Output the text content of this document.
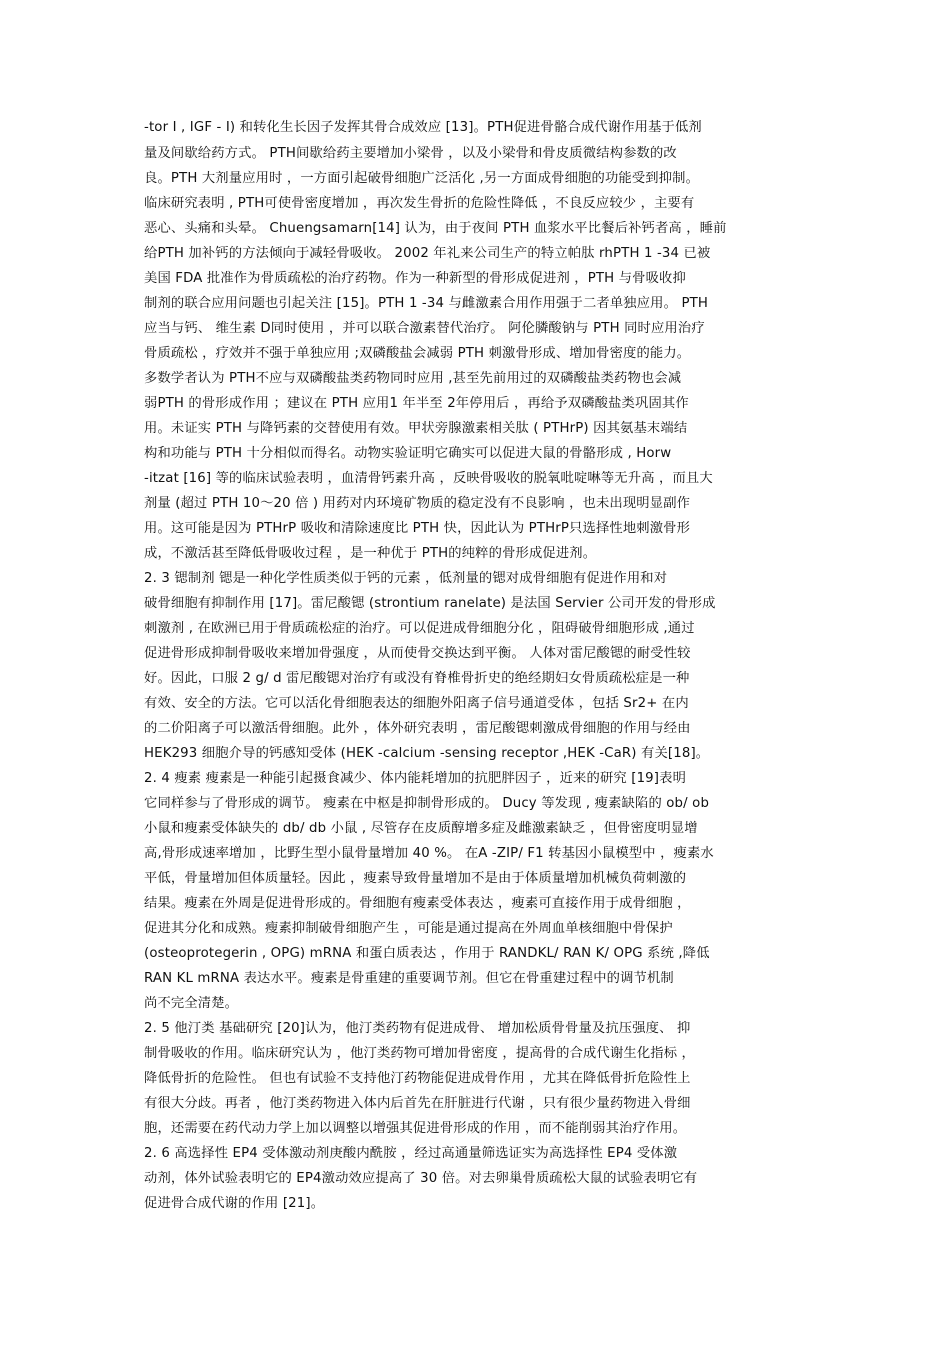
-tor I , IGF - I) 和转化生长因子发挥其骨合成效应 [13]。PTH促进骨骼合成代谢作用基于低剂
量及间歇给药方式。 PTH间歇给药主要增加小梁骨 ，以及小梁骨和骨皮质微结构参数的改
良。PTH 大剂量应用时 ，一方面引起破骨细胞广泛活化 ,另一方面成骨细胞的功能受到抑制。
临床研究表明 , PTH可使骨密度增加 ，再次发生骨折的危险性降低 ，不良反应较少 ，主要有
恶心、头痛和头晕。 Chuengsamarn[14] 认为，由于夜间 PTH 血浆水平比餐后补钙者高 ，睡前
给PTH 加补钙的方法倾向于减轻骨吸收。 2002 年礼来公司生产的特立帕肽 rhPTH 1 -34 已被
美国 FDA 批准作为骨质疏松的治疗药物。作为一种新型的骨形成促进剂 ，PTH 与骨吸收抑
制剂的联合应用问题也引起关注 [15]。PTH 1 -34 与雌激素合用作用强于二者单独应用。 PTH
应当与钙、 维生素 D同时使用 ，并可以联合激素替代治疗。 阿伦膦酸钠与 PTH 同时应用治疗
骨质疏松 ，疗效并不强于单独应用 ;双磷酸盐会减弱 PTH 刺激骨形成、增加骨密度的能力。
多数学者认为 PTH不应与双磷酸盐类药物同时应用 ,甚至先前用过的双磷酸盐类药物也会减
弱PTH 的骨形成作用 ；建议在 PTH 应用1 年半至 2年停用后 ，再给予双磷酸盐类巩固其作
用。未证实 PTH 与降钙素的交替使用有效。甲状旁腺激素相关肽 ( PTHrP) 因其氨基末端结
构和功能与 PTH 十分相似而得名。动物实验证明它确实可以促进大鼠的骨骼形成 , Horw
-itzat [16] 等的临床试验表明 ，血清骨钙素升高 ，反映骨吸收的脱氧吡啶啉等无升高 ，而且大
剂量 (超过 PTH 10～20 倍 ) 用药对内环境矿物质的稳定没有不良影响 ，也未出现明显副作
用。这可能是因为 PTHrP 吸收和清除速度比 PTH 快，因此认为 PTHrP只选择性地刺激骨形
成，不激活甚至降低骨吸收过程 ，是一种优于 PTH的纯粹的骨形成促进剂。
2. 3 锶制剂 锶是一种化学性质类似于钙的元素 ，低剂量的锶对成骨细胞有促进作用和对
破骨细胞有抑制作用 [17]。雷尼酸锶 (strontium ranelate) 是法国 Servier 公司开发的骨形成
刺激剂 , 在欧洲已用于骨质疏松症的治疗。可以促进成骨细胞分化 ，阻碍破骨细胞形成 ,通过
促进骨形成抑制骨吸收来增加骨强度 ，从而使骨交换达到平衡。 人体对雷尼酸锶的耐受性较
好。因此，口服 2 g/ d 雷尼酸锶对治疗有或没有脊椎骨折史的绝经期妇女骨质疏松症是一种
有效、安全的方法。它可以活化骨细胞表达的细胞外阳离子信号通道受体 ，包括 Sr2+ 在内
的二价阳离子可以激活骨细胞。此外 ，体外研究表明 ，雷尼酸锶刺激成骨细胞的作用与经由
HEK293 细胞介导的钙感知受体 (HEK -calcium -sensing receptor ,HEK -CaR) 有关[18]。
2. 4 瘦素 瘦素是一种能引起摄食减少、体内能耗增加的抗肥胖因子 ，近来的研究 [19]表明
它同样参与了骨形成的调节。 瘦素在中枢是抑制骨形成的。 Ducy 等发现 , 瘦素缺陷的 ob/ ob
小鼠和瘦素受体缺失的 db/ db 小鼠 , 尽管存在皮质醇增多症及雌激素缺乏 ，但骨密度明显增
高,骨形成速率增加 ，比野生型小鼠骨量增加 40 %。 在A -ZIP/ F1 转基因小鼠模型中 ，瘦素水
平低，骨量增加但体质量轻。因此 ，瘦素导致骨量增加不是由于体质量增加机械负荷刺激的
结果。瘦素在外周是促进骨形成的。骨细胞有瘦素受体表达 ，瘦素可直接作用于成骨细胞 ，
促进其分化和成熟。瘦素抑制破骨细胞产生 ，可能是通过提高在外周血单核细胞中骨保护
(osteoprotegerin , OPG) mRNA 和蛋白质表达 ，作用于 RANDKL/ RAN K/ OPG 系统 ,降低
RAN KL mRNA 表达水平。瘦素是骨重建的重要调节剂。但它在骨重建过程中的调节机制
尚不完全清楚。
2. 5 他汀类 基础研究 [20]认为，他汀类药物有促进成骨、 增加松质骨骨量及抗压强度、 抑
制骨吸收的作用。临床研究认为 ，他汀类药物可增加骨密度 ，提高骨的合成代谢生化指标 ，
降低骨折的危险性。 但也有试验不支持他汀药物能促进成骨作用 ，尤其在降低骨折危险性上
有很大分歧。再者 ，他汀类药物进入体内后首先在肝脏进行代谢 ，只有很少量药物进入骨细
胞，还需要在药代动力学上加以调整以增强其促进骨形成的作用 ，而不能削弱其治疗作用。
2. 6 高选择性 EP4 受体激动剂庚酸内酰胺 ，经过高通量筛选证实为高选择性 EP4 受体激
动剂，体外试验表明它的 EP4激动效应提高了 30 倍。对去卵巢骨质疏松大鼠的试验表明它有
促进骨合成代谢的作用 [21]。
